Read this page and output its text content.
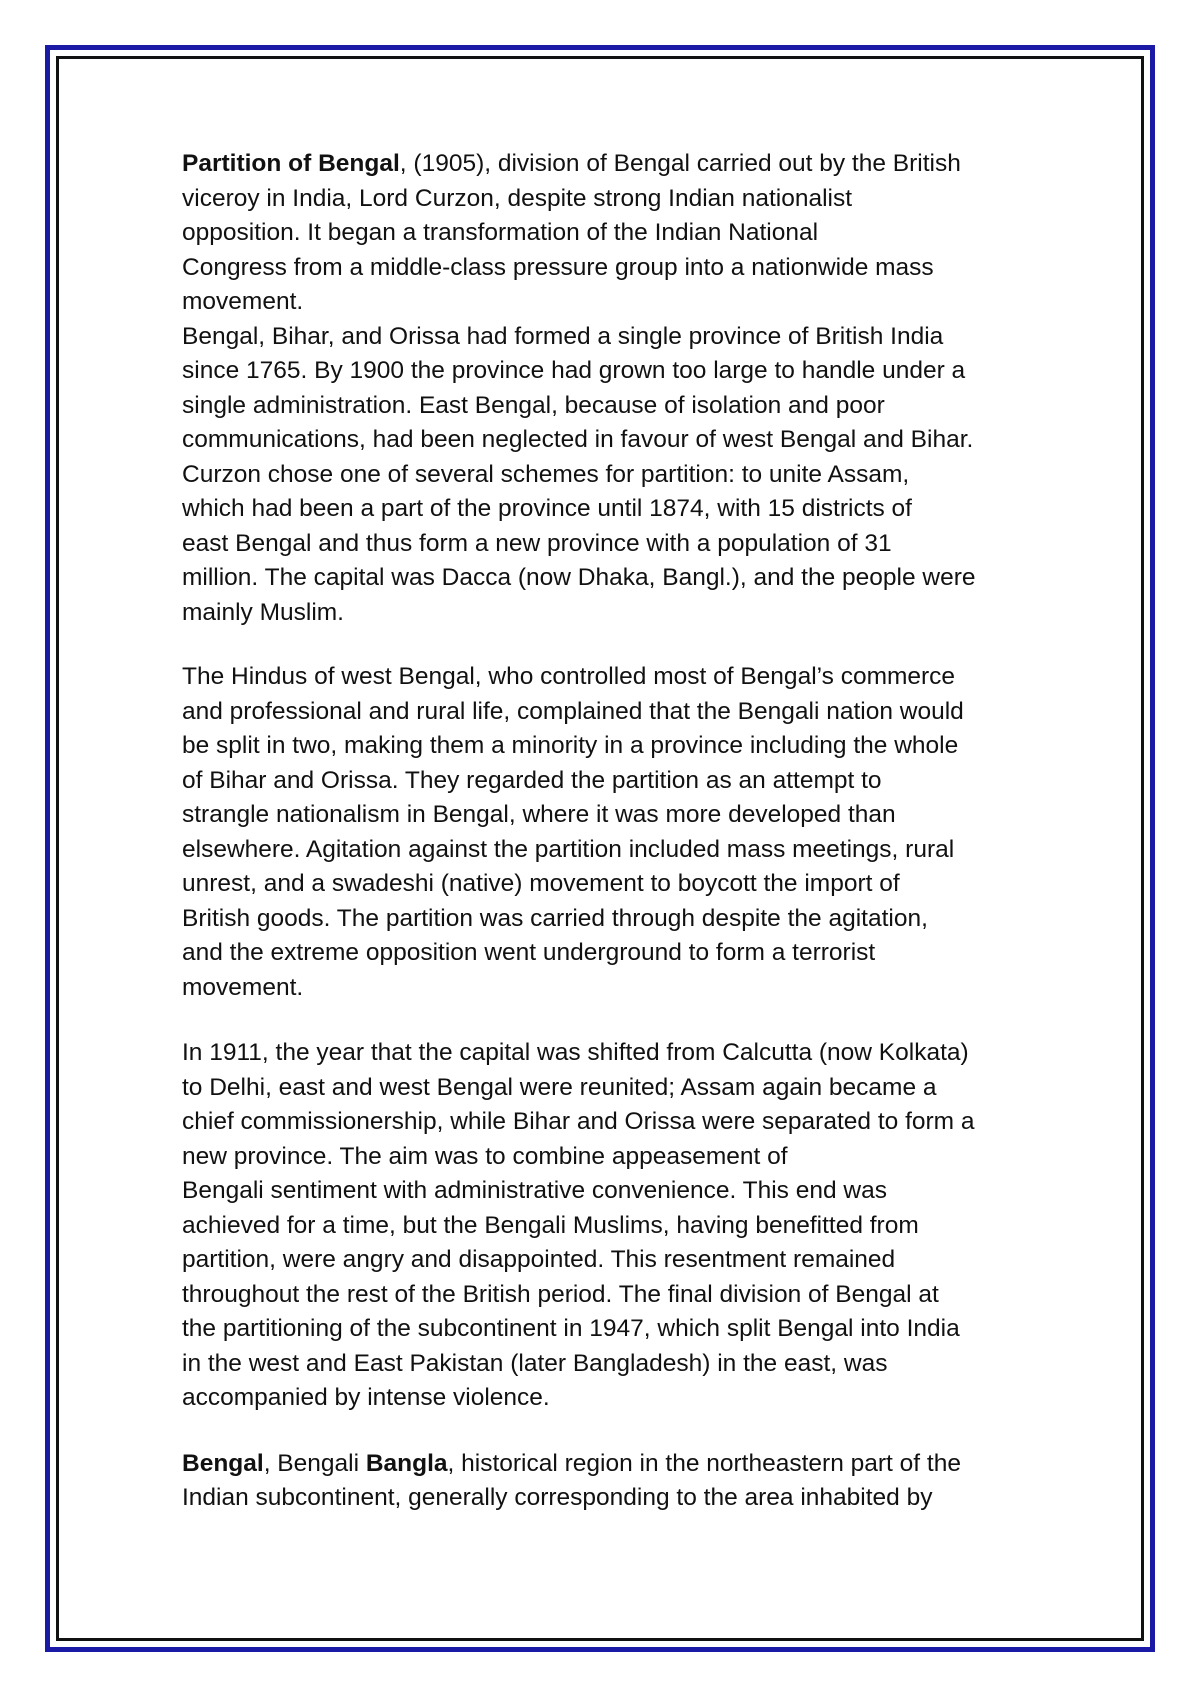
Partition of Bengal, (1905), division of Bengal carried out by the British
viceroy in India, Lord Curzon, despite strong Indian nationalist
opposition. It began a transformation of the Indian National
Congress from a middle-class pressure group into a nationwide mass
movement.
Bengal, Bihar, and Orissa had formed a single province of British India
since 1765. By 1900 the province had grown too large to handle under a
single administration. East Bengal, because of isolation and poor
communications, had been neglected in favour of west Bengal and Bihar.
Curzon chose one of several schemes for partition: to unite Assam,
which had been a part of the province until 1874, with 15 districts of
east Bengal and thus form a new province with a population of 31
million. The capital was Dacca (now Dhaka, Bangl.), and the people were
mainly Muslim.

The Hindus of west Bengal, who controlled most of Bengal’s commerce
and professional and rural life, complained that the Bengali nation would
be split in two, making them a minority in a province including the whole
of Bihar and Orissa. They regarded the partition as an attempt to
strangle nationalism in Bengal, where it was more developed than
elsewhere. Agitation against the partition included mass meetings, rural
unrest, and a swadeshi (native) movement to boycott the import of
British goods. The partition was carried through despite the agitation,
and the extreme opposition went underground to form a terrorist
movement.

In 1911, the year that the capital was shifted from Calcutta (now Kolkata)
to Delhi, east and west Bengal were reunited; Assam again became a
chief commissionership, while Bihar and Orissa were separated to form a
new province. The aim was to combine appeasement of
Bengali sentiment with administrative convenience. This end was
achieved for a time, but the Bengali Muslims, having benefitted from
partition, were angry and disappointed. This resentment remained
throughout the rest of the British period. The final division of Bengal at
the partitioning of the subcontinent in 1947, which split Bengal into India
in the west and East Pakistan (later Bangladesh) in the east, was
accompanied by intense violence.

Bengal, Bengali Bangla, historical region in the northeastern part of the
Indian subcontinent, generally corresponding to the area inhabited by
